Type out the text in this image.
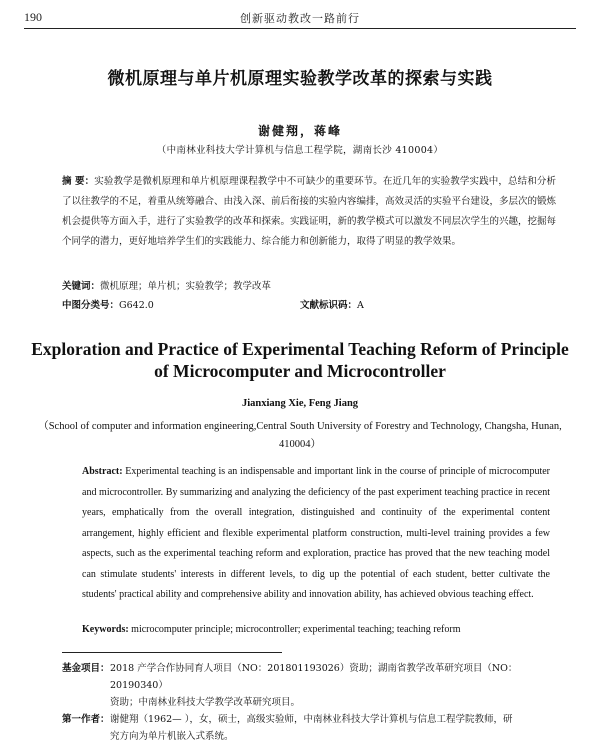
190	创新驱动教改一路前行
微机原理与单片机原理实验教学改革的探索与实践
谢健翔，蒋峰
（中南林业科技大学计算机与信息工程学院，湖南长沙 410004）
摘 要：实验教学是微机原理和单片机原理课程教学中不可缺少的重要环节。在近几年的实验教学实践中，总结和分析了以往教学的不足，着重从统筹融合、由浅入深、前后衔接的实验内容编排，高效灵活的实验平台建设，多层次的锻炼机会提供等方面入手，进行了实验教学的改革和探索。实践证明，新的教学模式可以激发不同层次学生的兴趣，挖掘每个同学的潜力，更好地培养学生们的实践能力、综合能力和创新能力，取得了明显的教学效果。
关键词：微机原理；单片机；实验教学；教学改革
中图分类号：G642.0	文献标识码：A
Exploration and Practice of Experimental Teaching Reform of Principle of Microcomputer and Microcontroller
Jianxiang Xie, Feng Jiang
（School of computer and information engineering,Central South University of Forestry and Technology, Changsha, Hunan, 410004）
Abstract: Experimental teaching is an indispensable and important link in the course of principle of microcomputer and microcontroller. By summarizing and analyzing the deficiency of the past experiment teaching practice in recent years, emphatically from the overall integration, distinguished and continuity of the experimental content arrangement, highly efficient and flexible experimental platform construction, multi-level training provides a few aspects, such as the experimental teaching reform and exploration, practice has proved that the new teaching model can stimulate students' interests in different levels, to dig up the potential of each student, better cultivate the students' practical ability and comprehensive ability and innovation ability, has achieved obvious teaching effect.
Keywords: microcomputer principle; microcontroller; experimental teaching; teaching reform
基金项目： 2018 产学合作协同育人项目（NO：201801193026）资助；湖南省教学改革研究项目（NO：20190340）
资助；中南林业科技大学教学改革研究项目。
第一作者： 谢健翔（1962— ），女，硕士，高级实验师，中南林业科技大学计算机与信息工程学院教师，研
究方向为单片机嵌入式系统。
